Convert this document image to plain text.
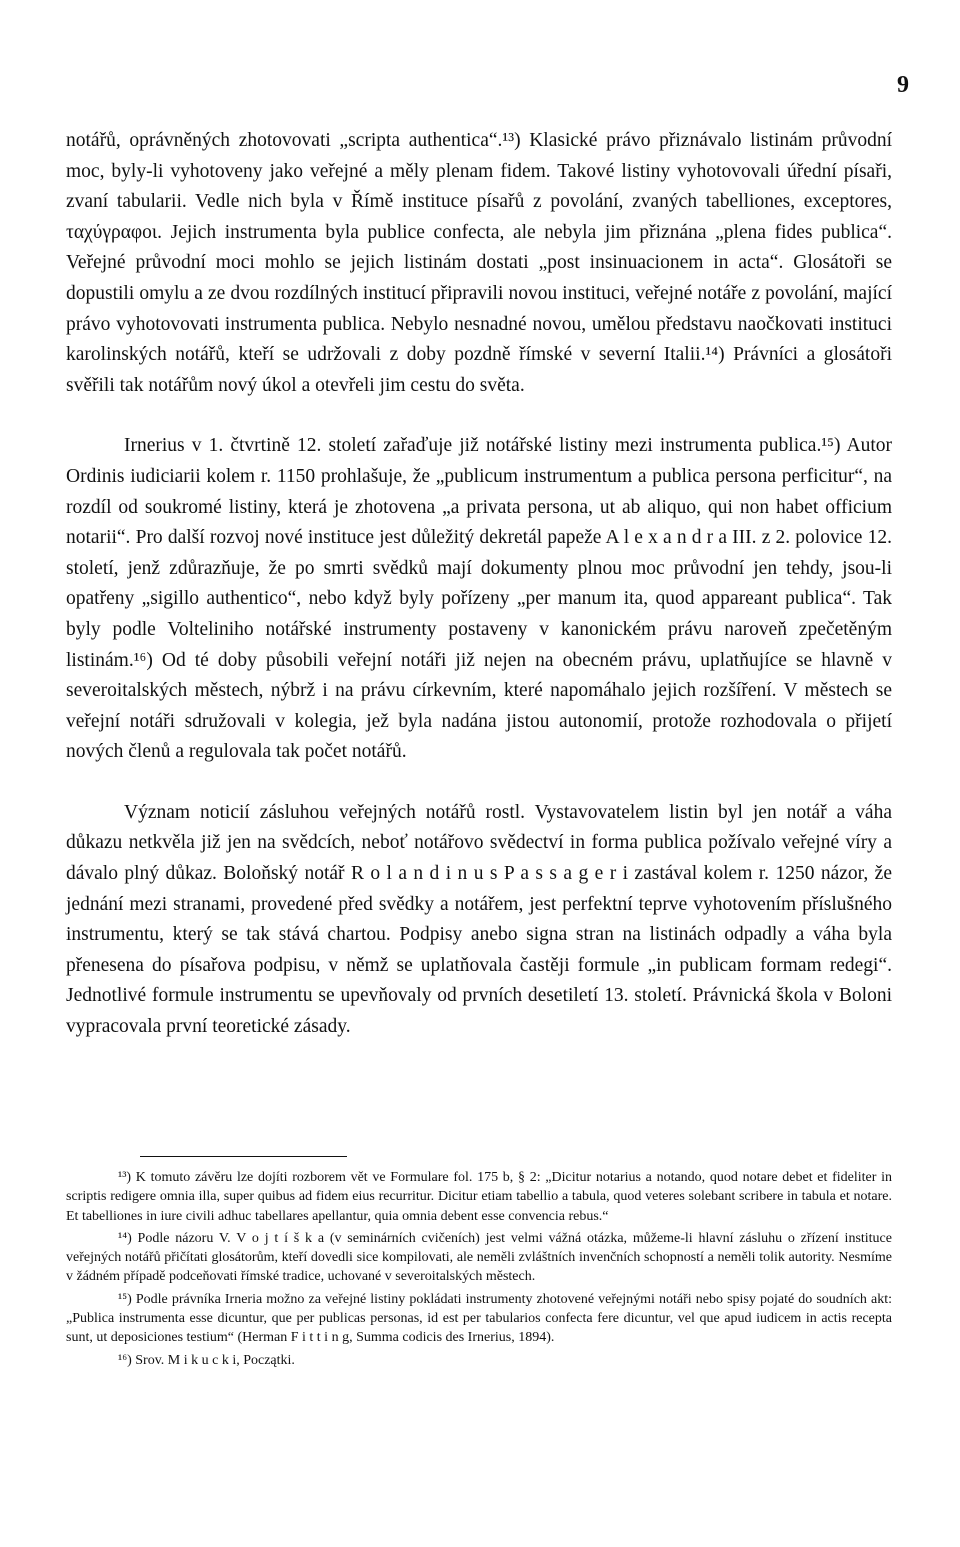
9

notářů, oprávněných zhotovovati „scripta authentica“.¹³) Klasické právo přiznávalo listinám průvodní moc, byly-li vyhotoveny jako veřejné a měly plenam fidem. Takové listiny vyhotovovali úřední písaři, zvaní tabularii. Vedle nich byla v Římě instituce písařů z povolání, zvaných tabelliones, exceptores, ταχύγραφοι. Jejich instrumenta byla publice confecta, ale nebyla jim přiznána „plena fides publica“. Veřejné průvodní moci mohlo se jejich listinám dostati „post insinuacionem in acta“. Glosátoři se dopustili omylu a ze dvou rozdílných institucí připravili novou instituci, veřejné notáře z povolání, mající právo vyhotovovati instrumenta publica. Nebylo nesnadné novou, umělou představu naočkovati instituci karolinských notářů, kteří se udržovali z doby pozdně římské v severní Italii.¹⁴) Právníci a glosátoři svěřili tak notářům nový úkol a otevřeli jim cestu do světa.

Irnerius v 1. čtvrtině 12. století zařaďuje již notářské listiny mezi instrumenta publica.¹⁵) Autor Ordinis iudiciarii kolem r. 1150 prohlašuje, že „publicum instrumentum a publica persona perficitur“, na rozdíl od soukromé listiny, která je zhotovena „a privata persona, ut ab aliquo, qui non habet officium notarii“. Pro další rozvoj nové instituce jest důležitý dekretál papeže A l e x a n d r a III. z 2. polovice 12. století, jenž zdůrazňuje, že po smrti svědků mají dokumenty plnou moc průvodní jen tehdy, jsou-li opatřeny „sigillo authentico“, nebo když byly pořízeny „per manum ita, quod appareant publica“. Tak byly podle Volteliniho notářské instrumenty postaveny v kanonickém právu naroveň zpečetěným listinám.¹⁶) Od té doby působili veřejní notáři již nejen na obecném právu, uplatňujíce se hlavně v severoitalských městech, nýbrž i na právu církevním, které napomáhalo jejich rozšíření. V městech se veřejní notáři sdružovali v kolegia, jež byla nadána jistou autonomií, protože rozhodovala o přijetí nových členů a regulovala tak počet notářů.

Význam noticií zásluhou veřejných notářů rostl. Vystavovatelem listin byl jen notář a váha důkazu netkvěla již jen na svědcích, neboť notářovo svědectví in forma publica požívalo veřejné víry a dávalo plný důkaz. Boloňský notář R o l a n d i n u s P a s s a g e r i zastával kolem r. 1250 názor, že jednání mezi stranami, provedené před svědky a notářem, jest perfektní teprve vyhotovením příslušného instrumentu, který se tak stává chartou. Podpisy anebo signa stran na listinách odpadly a váha byla přenesena do písařova podpisu, v němž se uplatňovala častěji formule „in publicam formam redegi“. Jednotlivé formule instrumentu se upevňovaly od prvních desetiletí 13. století. Právnická škola v Boloni vypracovala první teoretické zásady.

¹³) K tomuto závěru lze dojíti rozborem vět ve Formulare fol. 175 b, § 2: „Dicitur notarius a notando, quod notare debet et fideliter in scriptis redigere omnia illa, super quibus ad fidem eius recurritur. Dicitur etiam tabellio a tabula, quod veteres solebant scribere in tabula et notare. Et tabelliones in iure civili adhuc tabellares apellantur, quia omnia debent esse convencia rebus.“

¹⁴) Podle názoru V. V o j t í š k a (v seminárních cvičeních) jest velmi vážná otázka, můžeme-li hlavní zásluhu o zřízení instituce veřejných notářů přičítati glosátorům, kteří dovedli sice kompilovati, ale neměli zvláštních invenčních schopností a neměli tolik autority. Nesmíme v žádném případě podceňovati římské tradice, uchované v severoitalských městech.

¹⁵) Podle právníka Irneria možno za veřejné listiny pokládati instrumenty zhotovené veřejnými notáři nebo spisy pojaté do soudních akt: „Publica instrumenta esse dicuntur, que per publicas personas, id est per tabularios confecta fere dicuntur, vel que apud iudicem in actis recepta sunt, ut deposiciones testium“ (Herman F i t t i n g, Summa codicis des Irnerius, 1894).

¹⁶) Srov. M i k u c k i, Początki.
